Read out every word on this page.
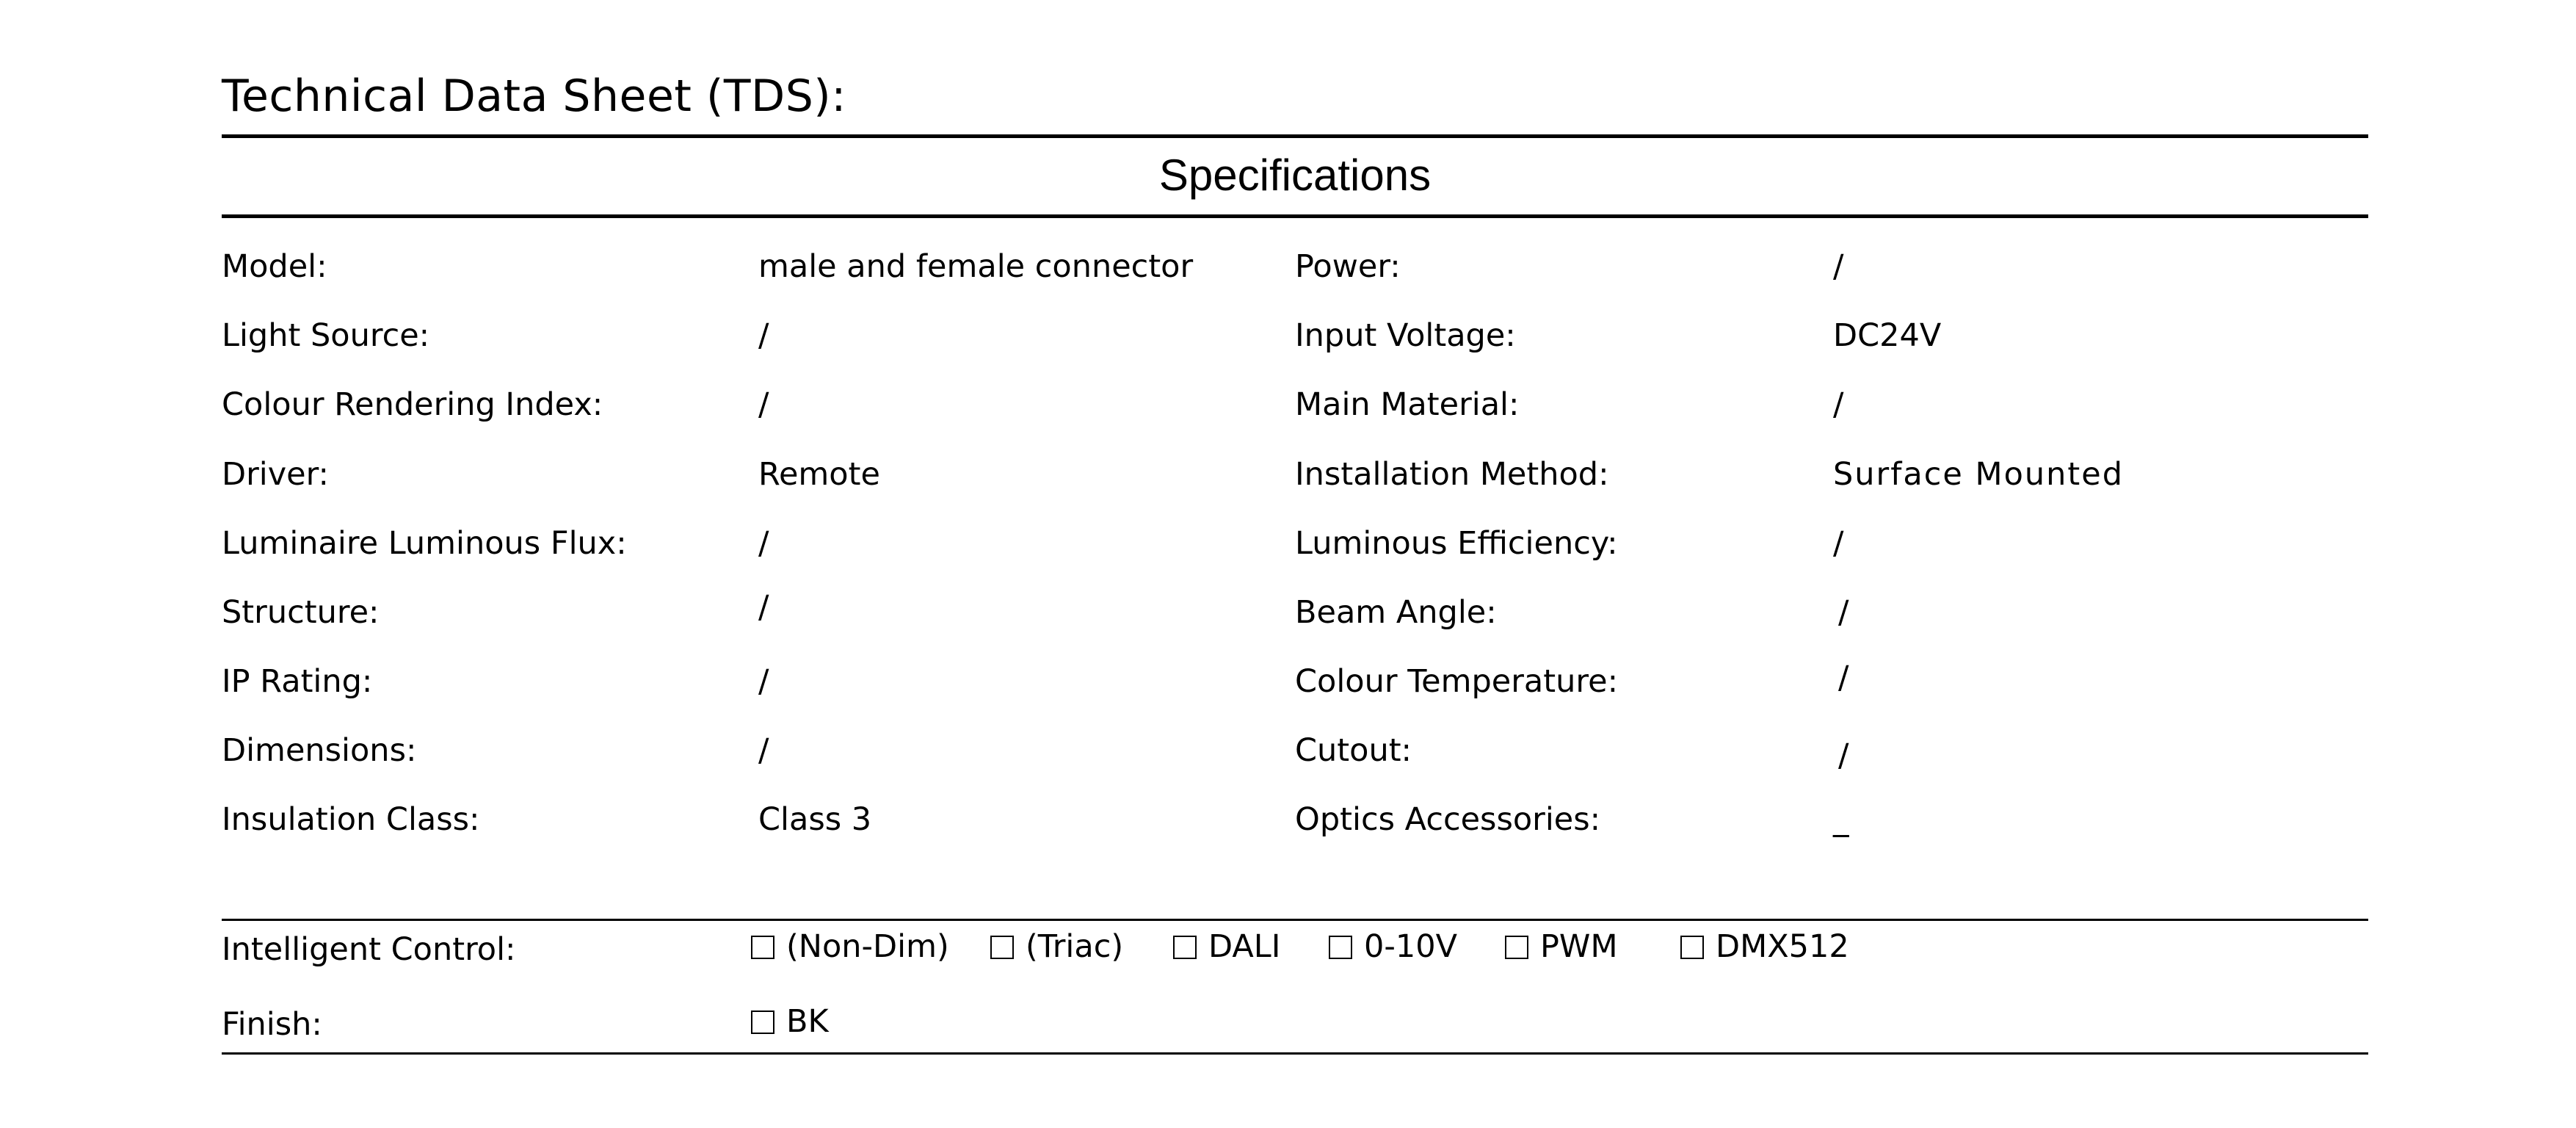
Technical Data Sheet (TDS):
Specifications
Model:	male and female connector
Light Source:	/
Colour Rendering Index:	/
Driver:	Remote
Luminaire Luminous Flux:	/
Structure:	/
IP Rating:	/
Dimensions:	/
Insulation Class:	Class 3
Power:	/
Input Voltage:	DC24V
Main Material:	/
Installation Method:	Surface Mounted
Luminous Efficiency:	/
Beam Angle:	/
Colour Temperature:	/
Cutout:	/
Optics Accessories:	_
Intelligent Control:	(Non-Dim) (Triac)	DALI	0-10V	PWM	DMX512
Finish:	BK
